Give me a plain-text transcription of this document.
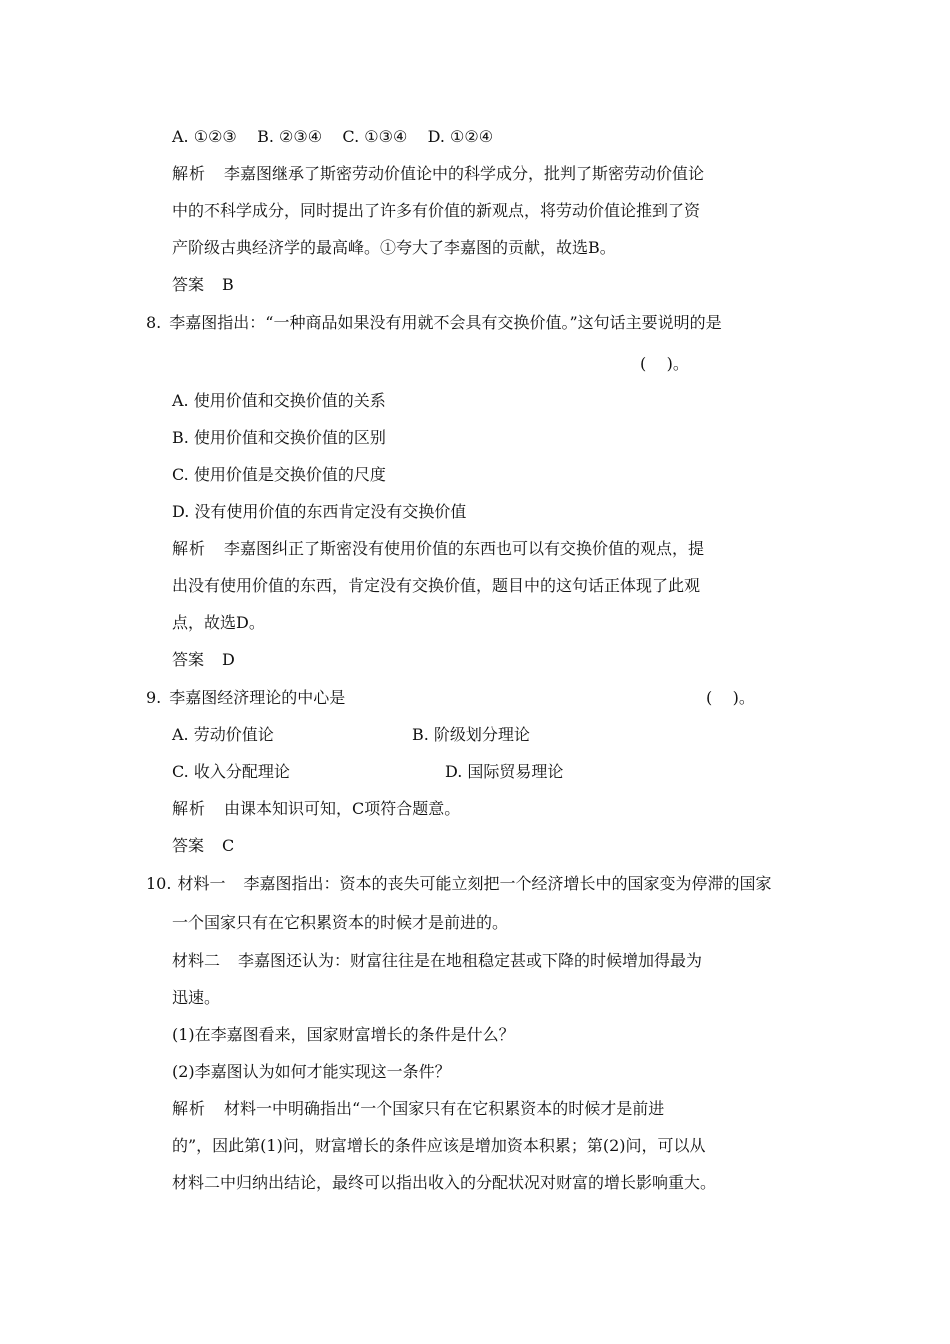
A. ①②③    B. ②③④    C. ①③④    D. ①②④
解析 李嘉图继承了斯密劳动价值论中的科学成分，批判了斯密劳动价值论
中的不科学成分，同时提出了许多有价值的新观点，将劳动价值论推到了资
产阶级古典经济学的最高峰。①夸大了李嘉图的贡献，故选B。
答案 B
8. 李嘉图指出：“一种商品如果没有用就不会具有交换价值。”这句话主要说明的是
(    )。
A. 使用价值和交换价值的关系
B. 使用价值和交换价值的区别
C. 使用价值是交换价值的尺度
D. 没有使用价值的东西肯定没有交换价值
解析 李嘉图纠正了斯密没有使用价值的东西也可以有交换价值的观点，提
出没有使用价值的东西，肯定没有交换价值，题目中的这句话正体现了此观
点，故选D。
答案 D
9. 李嘉图经济理论的中心是	(    )。
A. 劳动价值论	B. 阶级划分理论
C. 收入分配理论	D. 国际贸易理论
解析 由课本知识可知，C项符合题意。
答案 C
10. 材料一 李嘉图指出：资本的丧失可能立刻把一个经济增长中的国家变为停滞的国家
一个国家只有在它积累资本的时候才是前进的。
材料二 李嘉图还认为：财富往往是在地租稳定甚或下降的时候增加得最为
迅速。
(1)在李嘉图看来，国家财富增长的条件是什么？
(2)李嘉图认为如何才能实现这一条件？
解析 材料一中明确指出“一个国家只有在它积累资本的时候才是前进
的”，因此第(1)问，财富增长的条件应该是增加资本积累；第(2)问，可以从
材料二中归纳出结论，最终可以指出收入的分配状况对财富的增长影响重大。
